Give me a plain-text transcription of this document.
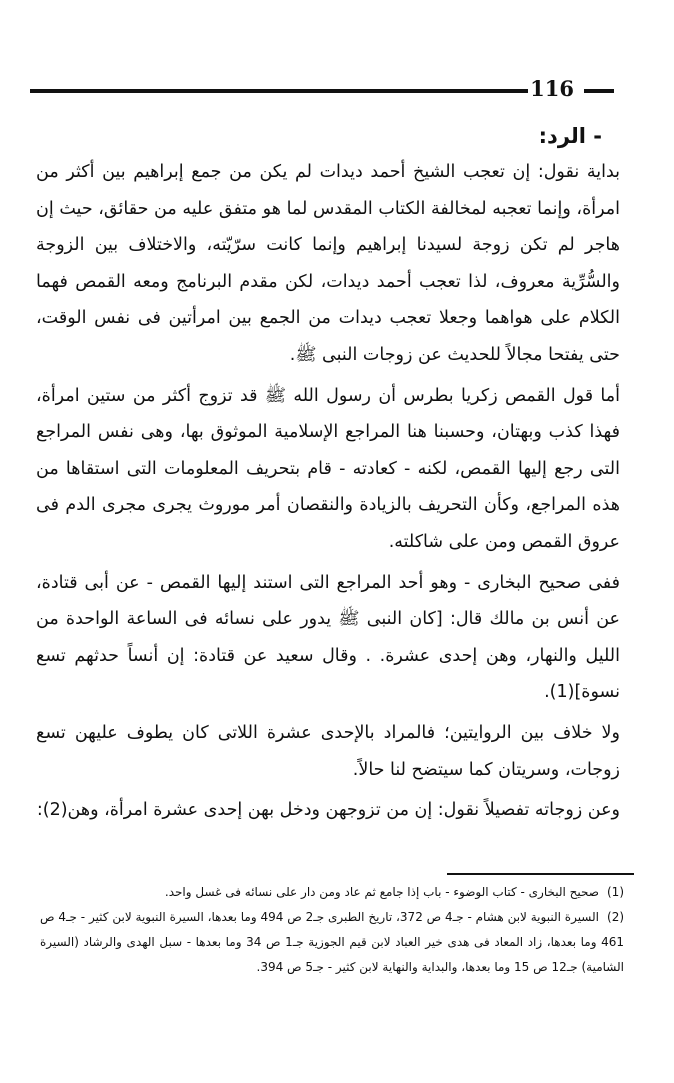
116
- الرد:

بداية نقول: إن تعجب الشيخ أحمد ديدات لم يكن من جمع إبراهيم بين أكثر من امرأة، وإنما تعجبه لمخالفة الكتاب المقدس لما هو متفق عليه من حقائق، حيث إن هاجر لم تكن زوجة لسيدنا إبراهيم وإنما كانت سرّيّته، والاختلاف بين الزوجة والسُّرِّية معروف، لذا تعجب أحمد ديدات، لكن مقدم البرنامج ومعه القمص فهما الكلام على هواهما وجعلا تعجب ديدات من الجمع بين امرأتين فى نفس الوقت، حتى يفتحا مجالاً للحديث عن زوجات النبى ﷺ.

أما قول القمص زكريا بطرس أن رسول الله ﷺ قد تزوج أكثر من ستين امرأة، فهذا كذب وبهتان، وحسبنا هنا المراجع الإسلامية الموثوق بها، وهى نفس المراجع التى رجع إليها القمص، لكنه - كعادته - قام بتحريف المعلومات التى استقاها من هذه المراجع، وكأن التحريف بالزيادة والنقصان أمر موروث يجرى مجرى الدم فى عروق القمص ومن على شاكلته.

ففى صحيح البخارى - وهو أحد المراجع التى استند إليها القمص - عن أبى قتادة، عن أنس بن مالك قال: [كان النبى ﷺ يدور على نسائه فى الساعة الواحدة من الليل والنهار، وهن إحدى عشرة. . وقال سعيد عن قتادة: إن أنساً حدثهم تسع نسوة](1).

ولا خلاف بين الروايتين؛ فالمراد بالإحدى عشرة اللاتى كان يطوف عليهن تسع زوجات، وسريتان كما سيتضح لنا حالاً.

وعن زوجاته تفصيلاً نقول: إن من تزوجهن ودخل بهن إحدى عشرة امرأة، وهن(2):

(1)صحيح البخارى - كتاب الوضوء - باب إذا جامع ثم عاد ومن دار على نسائه فى غسل واحد.

(2)السيرة النبوية لابن هشام - جـ4 ص 372، تاريخ الطبرى جـ2 ص 494 وما بعدها، السيرة النبوية لابن كثير - جـ4 ص 461 وما بعدها، زاد المعاد فى هدى خير العباد لابن قيم الجوزية جـ1 ص 34 وما بعدها - سبل الهدى والرشاد (السيرة الشامية) جـ12 ص 15 وما بعدها، والبداية والنهاية لابن كثير - جـ5 ص 394.
